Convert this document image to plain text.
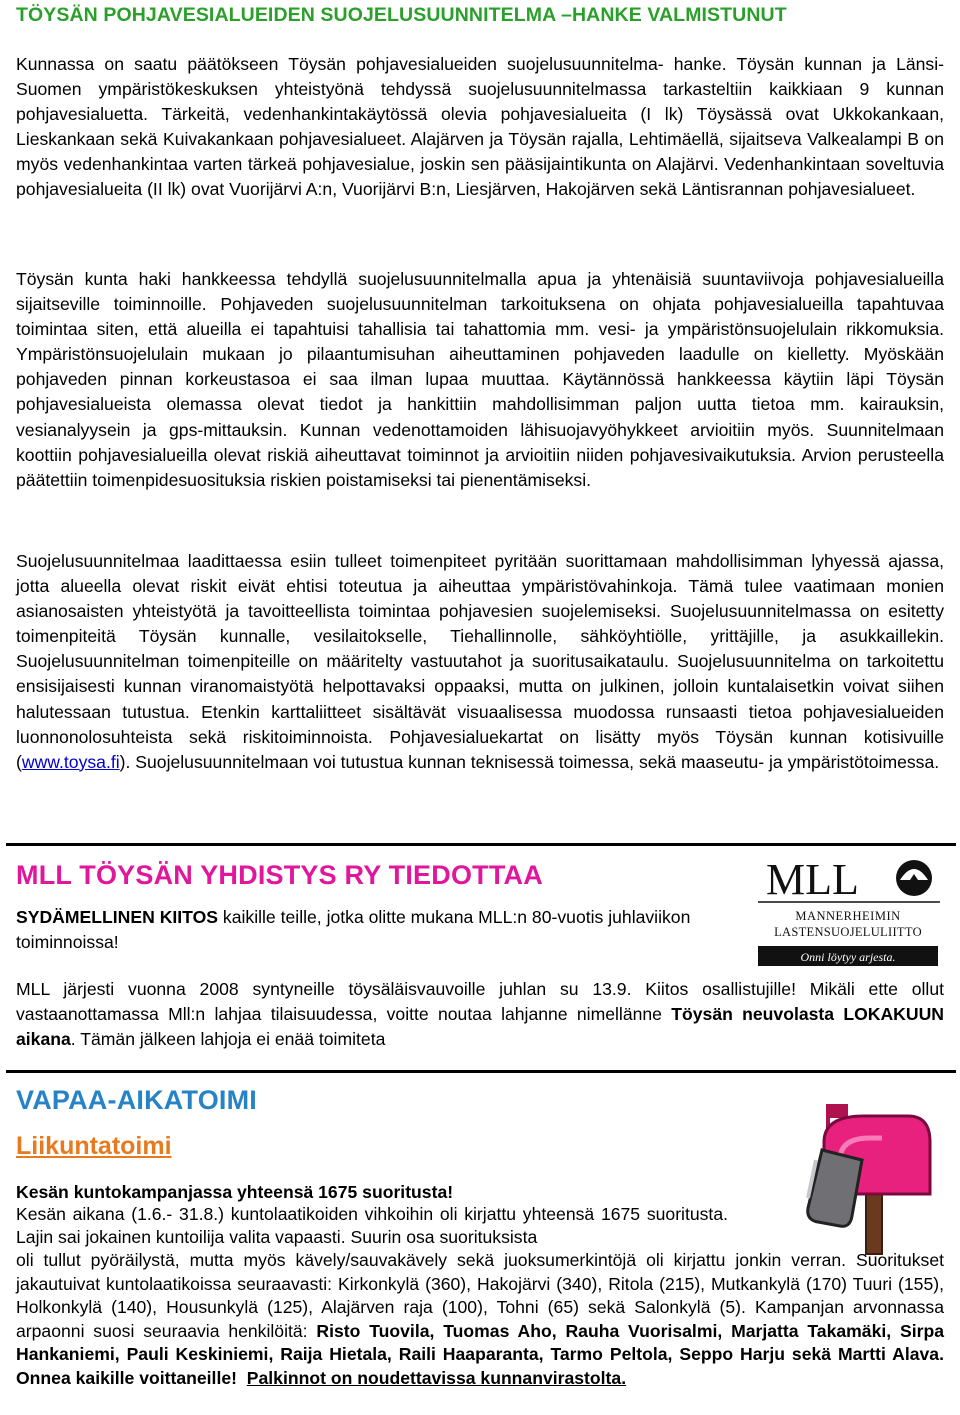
TÖYSÄN POHJAVESIALUEIDEN SUOJELUSUUNNITELMA –HANKE VALMISTUNUT

Kunnassa on saatu päätökseen Töysän pohjavesialueiden suojelusuunnitelma- hanke. Töysän kunnan ja Länsi-Suomen ympäristökeskuksen yhteistyönä tehdyssä suojelusuunnitelmassa tarkasteltiin kaikkiaan 9 kunnan pohjavesialuetta. Tärkeitä, vedenhankintakäytössä olevia pohjavesialueita (I lk) Töysässä ovat Ukkokankaan, Lieskankaan sekä Kuivakankaan pohjavesialueet. Alajärven ja Töysän rajalla, Lehtimäellä, sijaitseva Valkealampi B on myös vedenhankintaa varten tärkeä pohjavesialue, joskin sen pääsijaintikunta on Alajärvi. Vedenhankintaan soveltuvia pohjavesialueita (II lk) ovat Vuorijärvi A:n, Vuorijärvi B:n, Liesjärven, Hakojärven sekä Läntisrannan pohjavesialueet.

Töysän kunta haki hankkeessa tehdyllä suojelusuunnitelmalla apua ja yhtenäisiä suuntaviivoja pohjavesialueilla sijaitseville toiminnoille. Pohjaveden suojelusuunnitelman tarkoituksena on ohjata pohjavesialueilla tapahtuvaa toimintaa siten, että alueilla ei tapahtuisi tahallisia tai tahattomia mm. vesi- ja ympäristönsuojelulain rikkomuksia. Ympäristönsuojelulain mukaan jo pilaantumisuhan aiheuttaminen pohjaveden laadulle on kielletty. Myöskään pohjaveden pinnan korkeustasoa ei saa ilman lupaa muuttaa. Käytännössä hankkeessa käytiin läpi Töysän pohjavesialueista olemassa olevat tiedot ja hankittiin mahdollisimman paljon uutta tietoa mm. kairauksin, vesianalyysein ja gps-mittauksin. Kunnan vedenottamoiden lähisuojavyöhykkeet arvioitiin myös. Suunnitelmaan koottiin pohjavesialueilla olevat riskiä aiheuttavat toiminnot ja arvioitiin niiden pohjavesivaikutuksia. Arvion perusteella päätettiin toimenpidesuosituksia riskien poistamiseksi tai pienentämiseksi.

Suojelusuunnitelmaa laadittaessa esiin tulleet toimenpiteet pyritään suorittamaan mahdollisimman lyhyessä ajassa, jotta alueella olevat riskit eivät ehtisi toteutua ja aiheuttaa ympäristövahinkoja. Tämä tulee vaatimaan monien asianosaisten yhteistyötä ja tavoitteellista toimintaa pohjavesien suojelemiseksi. Suojelusuunnitelmassa on esitetty toimenpiteitä Töysän kunnalle, vesilaitokselle, Tiehallinnolle, sähköyhtiölle, yrittäjille, ja asukkaillekin. Suojelusuunnitelman toimenpiteille on määritelty vastuutahot ja suoritusaikataulu. Suojelusuunnitelma on tarkoitettu ensisijaisesti kunnan viranomaistyötä helpottavaksi oppaaksi, mutta on julkinen, jolloin kuntalaisetkin voivat siihen halutessaan tutustua. Etenkin karttaliitteet sisältävät visuaalisessa muodossa runsaasti tietoa pohjavesialueiden luonnonolosuhteista sekä riskitoiminnoista. Pohjavesialuekartat on lisätty myös Töysän kunnan kotisivuille (www.toysa.fi). Suojelusuunnitelmaan voi tutustua kunnan teknisessä toimessa, sekä maaseutu- ja ympäristötoimessa.

MLL TÖYSÄN YHDISTYS RY TIEDOTTAA

SYDÄMELLINEN KIITOS kaikille teille, jotka olitte mukana MLL:n 80-vuotis juhlaviikon toiminnoissa!

MLL
MANNERHEIMIN
LASTENSUOJELULIITTO
Onni löytyy arjesta.

MLL järjesti vuonna 2008 syntyneille töysäläisvauvoille juhlan su 13.9. Kiitos osallistujille! Mikäli ette ollut vastaanottamassa Mll:n lahjaa tilaisuudessa, voitte noutaa lahjanne nimellänne Töysän neuvolasta LOKAKUUN aikana. Tämän jälkeen lahjoja ei enää toimiteta

VAPAA-AIKATOIMI
Liikuntatoimi

Kesän kuntokampanjassa yhteensä 1675 suoritusta!

Kesän aikana (1.6.- 31.8.) kuntolaatikoiden vihkoihin oli kirjattu yhteensä 1675 suoritusta. Lajin sai jokainen kuntoilija valita vapaasti. Suurin osa suorituksista

oli tullut pyöräilystä, mutta myös kävely/sauvakävely sekä juoksumerkintöjä oli kirjattu jonkin verran. Suoritukset jakautuivat kuntolaatikoissa seuraavasti: Kirkonkylä (360), Hakojärvi (340), Ritola (215), Mutkankylä (170) Tuuri (155), Holkonkylä (140), Housunkylä (125), Alajärven raja (100), Tohni (65) sekä Salonkylä (5). Kampanjan arvonnassa arpaonni suosi seuraavia henkilöitä: Risto Tuovila, Tuomas Aho, Rauha Vuorisalmi, Marjatta Takamäki, Sirpa Hankaniemi, Pauli Keskiniemi, Raija Hietala, Raili Haaparanta, Tarmo Peltola, Seppo Harju sekä Martti Alava. Onnea kaikille voittaneille! Palkinnot on noudettavissa kunnanvirastolta.
